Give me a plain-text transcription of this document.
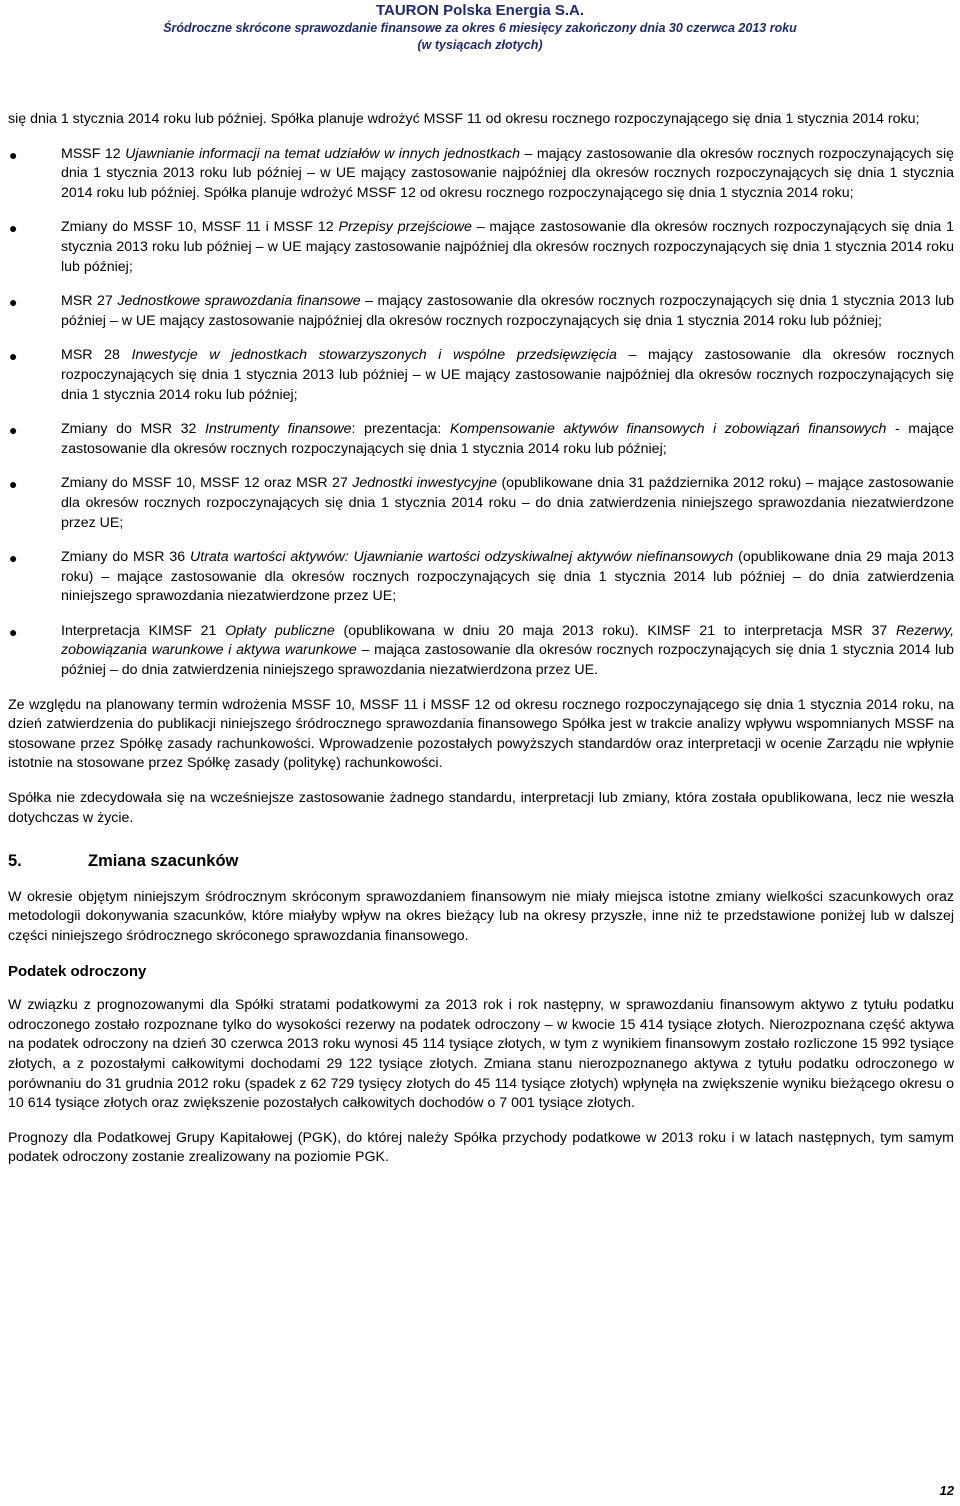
TAURON Polska Energia S.A.
Śródroczne skrócone sprawozdanie finansowe za okres 6 miesięcy zakończony dnia 30 czerwca 2013 roku
(w tysiącach złotych)

się dnia 1 stycznia 2014 roku lub później. Spółka planuje wdrożyć MSSF 11 od okresu rocznego rozpoczynającego się dnia 1 stycznia 2014 roku;

●	MSSF 12 Ujawnianie informacji na temat udziałów w innych jednostkach – mający zastosowanie dla okresów rocznych rozpoczynających się dnia 1 stycznia 2013 roku lub później – w UE mający zastosowanie najpóźniej dla okresów rocznych rozpoczynających się dnia 1 stycznia 2014 roku lub później. Spółka planuje wdrożyć MSSF 12 od okresu rocznego rozpoczynającego się dnia 1 stycznia 2014 roku;
●	Zmiany do MSSF 10, MSSF 11 i MSSF 12 Przepisy przejściowe – mające zastosowanie dla okresów rocznych rozpoczynających się dnia 1 stycznia 2013 roku lub później – w UE mający zastosowanie najpóźniej dla okresów rocznych rozpoczynających się dnia 1 stycznia 2014 roku lub później;
●	MSR 27 Jednostkowe sprawozdania finansowe – mający zastosowanie dla okresów rocznych rozpoczynających się dnia 1 stycznia 2013 lub później – w UE mający zastosowanie najpóźniej dla okresów rocznych rozpoczynających się dnia 1 stycznia 2014 roku lub później;
●	MSR 28 Inwestycje w jednostkach stowarzyszonych i wspólne przedsięwzięcia – mający zastosowanie dla okresów rocznych rozpoczynających się dnia 1 stycznia 2013 lub później – w UE mający zastosowanie najpóźniej dla okresów rocznych rozpoczynających się dnia 1 stycznia 2014 roku lub później;
●	Zmiany do MSR 32 Instrumenty finansowe: prezentacja: Kompensowanie aktywów finansowych i zobowiązań finansowych - mające zastosowanie dla okresów rocznych rozpoczynających się dnia 1 stycznia 2014 roku lub później;
●	Zmiany do MSSF 10, MSSF 12 oraz MSR 27 Jednostki inwestycyjne (opublikowane dnia 31 października 2012 roku) – mające zastosowanie dla okresów rocznych rozpoczynających się dnia 1 stycznia 2014 roku – do dnia zatwierdzenia niniejszego sprawozdania niezatwierdzone przez UE;
●	Zmiany do MSR 36 Utrata wartości aktywów: Ujawnianie wartości odzyskiwalnej aktywów niefinansowych (opublikowane dnia 29 maja 2013 roku) – mające zastosowanie dla okresów rocznych rozpoczynających się dnia 1 stycznia 2014 lub później – do dnia zatwierdzenia niniejszego sprawozdania niezatwierdzone przez UE;
●	Interpretacja KIMSF 21 Opłaty publiczne (opublikowana w dniu 20 maja 2013 roku). KIMSF 21 to interpretacja MSR 37 Rezerwy, zobowiązania warunkowe i aktywa warunkowe – mająca zastosowanie dla okresów rocznych rozpoczynających się dnia 1 stycznia 2014 lub później – do dnia zatwierdzenia niniejszego sprawozdania niezatwierdzona przez UE.

Ze względu na planowany termin wdrożenia MSSF 10, MSSF 11 i MSSF 12 od okresu rocznego rozpoczynającego się dnia 1 stycznia 2014 roku, na dzień zatwierdzenia do publikacji niniejszego śródrocznego sprawozdania finansowego Spółka jest w trakcie analizy wpływu wspomnianych MSSF na stosowane przez Spółkę zasady rachunkowości. Wprowadzenie pozostałych powyższych standardów oraz interpretacji w ocenie Zarządu nie wpłynie istotnie na stosowane przez Spółkę zasady (politykę) rachunkowości.

Spółka nie zdecydowała się na wcześniejsze zastosowanie żadnego standardu, interpretacji lub zmiany, która została opublikowana, lecz nie weszła dotychczas w życie.

5.	Zmiana szacunków

W okresie objętym niniejszym śródrocznym skróconym sprawozdaniem finansowym nie miały miejsca istotne zmiany wielkości szacunkowych oraz metodologii dokonywania szacunków, które miałyby wpływ na okres bieżący lub na okresy przyszłe, inne niż te przedstawione poniżej lub w dalszej części niniejszego śródrocznego skróconego sprawozdania finansowego.

Podatek odroczony

W związku z prognozowanymi dla Spółki stratami podatkowymi za 2013 rok i rok następny, w sprawozdaniu finansowym aktywo z tytułu podatku odroczonego zostało rozpoznane tylko do wysokości rezerwy na podatek odroczony – w kwocie 15 414 tysiące złotych. Nierozpoznana część aktywa na podatek odroczony na dzień 30 czerwca 2013 roku wynosi 45 114 tysiące złotych, w tym z wynikiem finansowym zostało rozliczone 15 992 tysiące złotych, a z pozostałymi całkowitymi dochodami 29 122 tysiące złotych. Zmiana stanu nierozpoznanego aktywa z tytułu podatku odroczonego w porównaniu do 31 grudnia 2012 roku (spadek z 62 729 tysięcy złotych do 45 114 tysiące złotych) wpłynęła na zwiększenie wyniku bieżącego okresu o 10 614 tysiące złotych oraz zwiększenie pozostałych całkowitych dochodów o 7 001 tysiące złotych.

Prognozy dla Podatkowej Grupy Kapitałowej (PGK), do której należy Spółka przychody podatkowe w 2013 roku i w latach następnych, tym samym podatek odroczony zostanie zrealizowany na poziomie PGK.

12
